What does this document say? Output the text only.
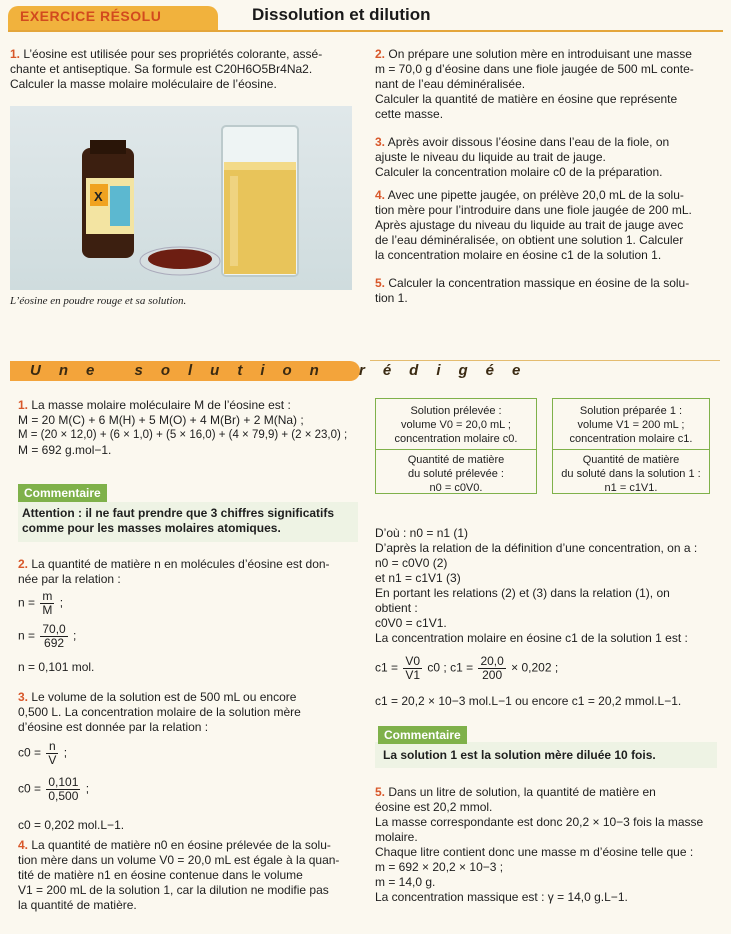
EXERCICE RÉSOLU	Dissolution et dilution
1. L’éosine est utilisée pour ses propriétés colorante, assé-
chante et antiseptique. Sa formule est C20H6O5Br4Na2.
Calculer la masse molaire moléculaire de l’éosine.
X
L’éosine en poudre rouge et sa solution.
2. On prépare une solution mère en introduisant une masse
m = 70,0 g d’éosine dans une fiole jaugée de 500 mL conte-
nant de l’eau déminéralisée.
Calculer la quantité de matière en éosine que représente
cette masse.
3. Après avoir dissous l’éosine dans l’eau de la fiole, on
ajuste le niveau du liquide au trait de jauge.
Calculer la concentration molaire c0 de la préparation.
4. Avec une pipette jaugée, on prélève 20,0 mL de la solu-
tion mère pour l’introduire dans une fiole jaugée de 200 mL.
Après ajustage du niveau du liquide au trait de jauge avec
de l’eau déminéralisée, on obtient une solution 1. Calculer
la concentration molaire en éosine c1 de la solution 1.
5. Calculer la concentration massique en éosine de la solu-
tion 1.
Une solution rédigée
1. La masse molaire moléculaire M de l’éosine est :
M = 20 M(C) + 6 M(H) + 5 M(O) + 4 M(Br) + 2 M(Na) ;
M = (20 × 12,0) + (6 × 1,0) + (5 × 16,0) + (4 × 79,9) + (2 × 23,0) ;
M = 692 g.mol−1.
Commentaire
Attention : il ne faut prendre que 3 chiffres significatifs
comme pour les masses molaires atomiques.
2. La quantité de matière n en molécules d’éosine est don-
née par la relation :
$n = \frac{m}{M}$ ;
$n = \frac{70,0}{692}$ ;
n = 0,101 mol.
3. Le volume de la solution est de 500 mL ou encore
0,500 L. La concentration molaire de la solution mère
d’éosine est donnée par la relation :
$c0 = \frac{n}{V}$ ;
$c0 = \frac{0,101}{0,500}$ ;
c0 = 0,202 mol.L−1.
4. La quantité de matière n0 en éosine prélevée de la solu-
tion mère dans un volume V0 = 20,0 mL est égale à la quan-
tité de matière n1 en éosine contenue dans le volume
V1 = 200 mL de la solution 1, car la dilution ne modifie pas
la quantité de matière.
Solution prélevée :
volume V0 = 20,0 mL ;
concentration molaire c0.
Quantité de matière
du soluté prélevée :
n0 = c0V0.
Solution préparée 1 :
volume V1 = 200 mL ;
concentration molaire c1.
Quantité de matière
du soluté dans la solution 1 :
n1 = c1V1.
D’où : n0 = n1 (1)
D’après la relation de la définition d’une concentration, on a :
n0 = c0V0 (2)
et n1 = c1V1 (3)
En portant les relations (2) et (3) dans la relation (1), on
obtient :
c0V0 = c1V1.
La concentration molaire en éosine c1 de la solution 1 est :
$c1 = \frac{V0}{V1} c0$ ; $c1 = \frac{20,0}{200} \times 0,202$ ;
c1 = 20,2 × 10−3 mol.L−1 ou encore c1 = 20,2 mmol.L−1.
Commentaire
La solution 1 est la solution mère diluée 10 fois.
5. Dans un litre de solution, la quantité de matière en
éosine est 20,2 mmol.
La masse correspondante est donc 20,2 × 10−3 fois la masse
molaire.
Chaque litre contient donc une masse m d’éosine telle que :
m = 692 × 20,2 × 10−3 ;
m = 14,0 g.
La concentration massique est : γ = 14,0 g.L−1.
